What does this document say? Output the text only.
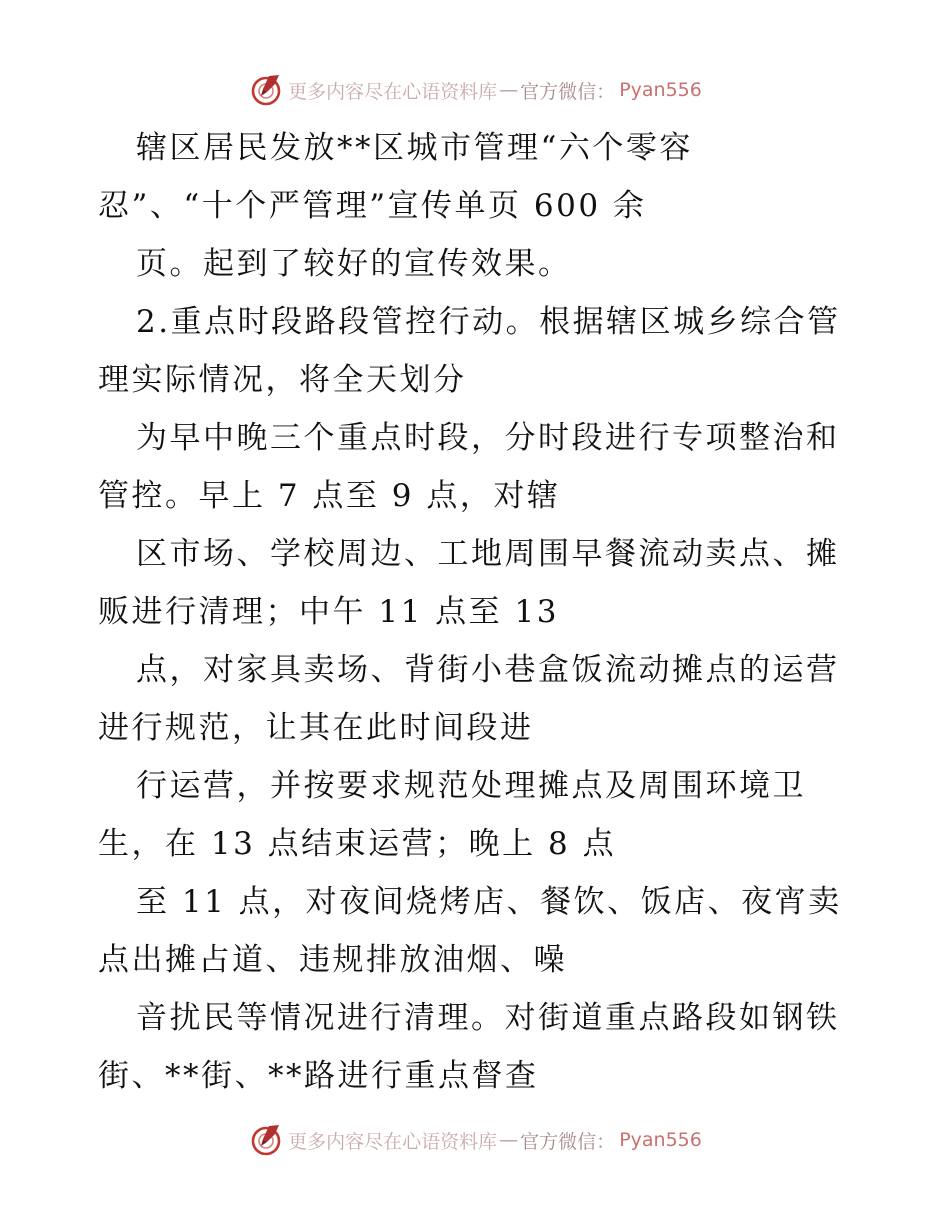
更多内容尽在心语资料库 — 官方微信： Pyan556
辖区居民发放**区城市管理“六个零容
忍”、“十个严管理”宣传单页 600 余
页。起到了较好的宣传效果。
2.重点时段路段管控行动。根据辖区城乡综合管
理实际情况，将全天划分
为早中晚三个重点时段，分时段进行专项整治和
管控。早上 7 点至 9 点，对辖
区市场、学校周边、工地周围早餐流动卖点、摊
贩进行清理；中午 11 点至 13
点，对家具卖场、背街小巷盒饭流动摊点的运营
进行规范，让其在此时间段进
行运营，并按要求规范处理摊点及周围环境卫
生，在 13 点结束运营；晚上 8 点
至 11 点，对夜间烧烤店、餐饮、饭店、夜宵卖
点出摊占道、违规排放油烟、噪
音扰民等情况进行清理。对街道重点路段如钢铁
街、**街、**路进行重点督查
更多内容尽在心语资料库 — 官方微信： Pyan556
